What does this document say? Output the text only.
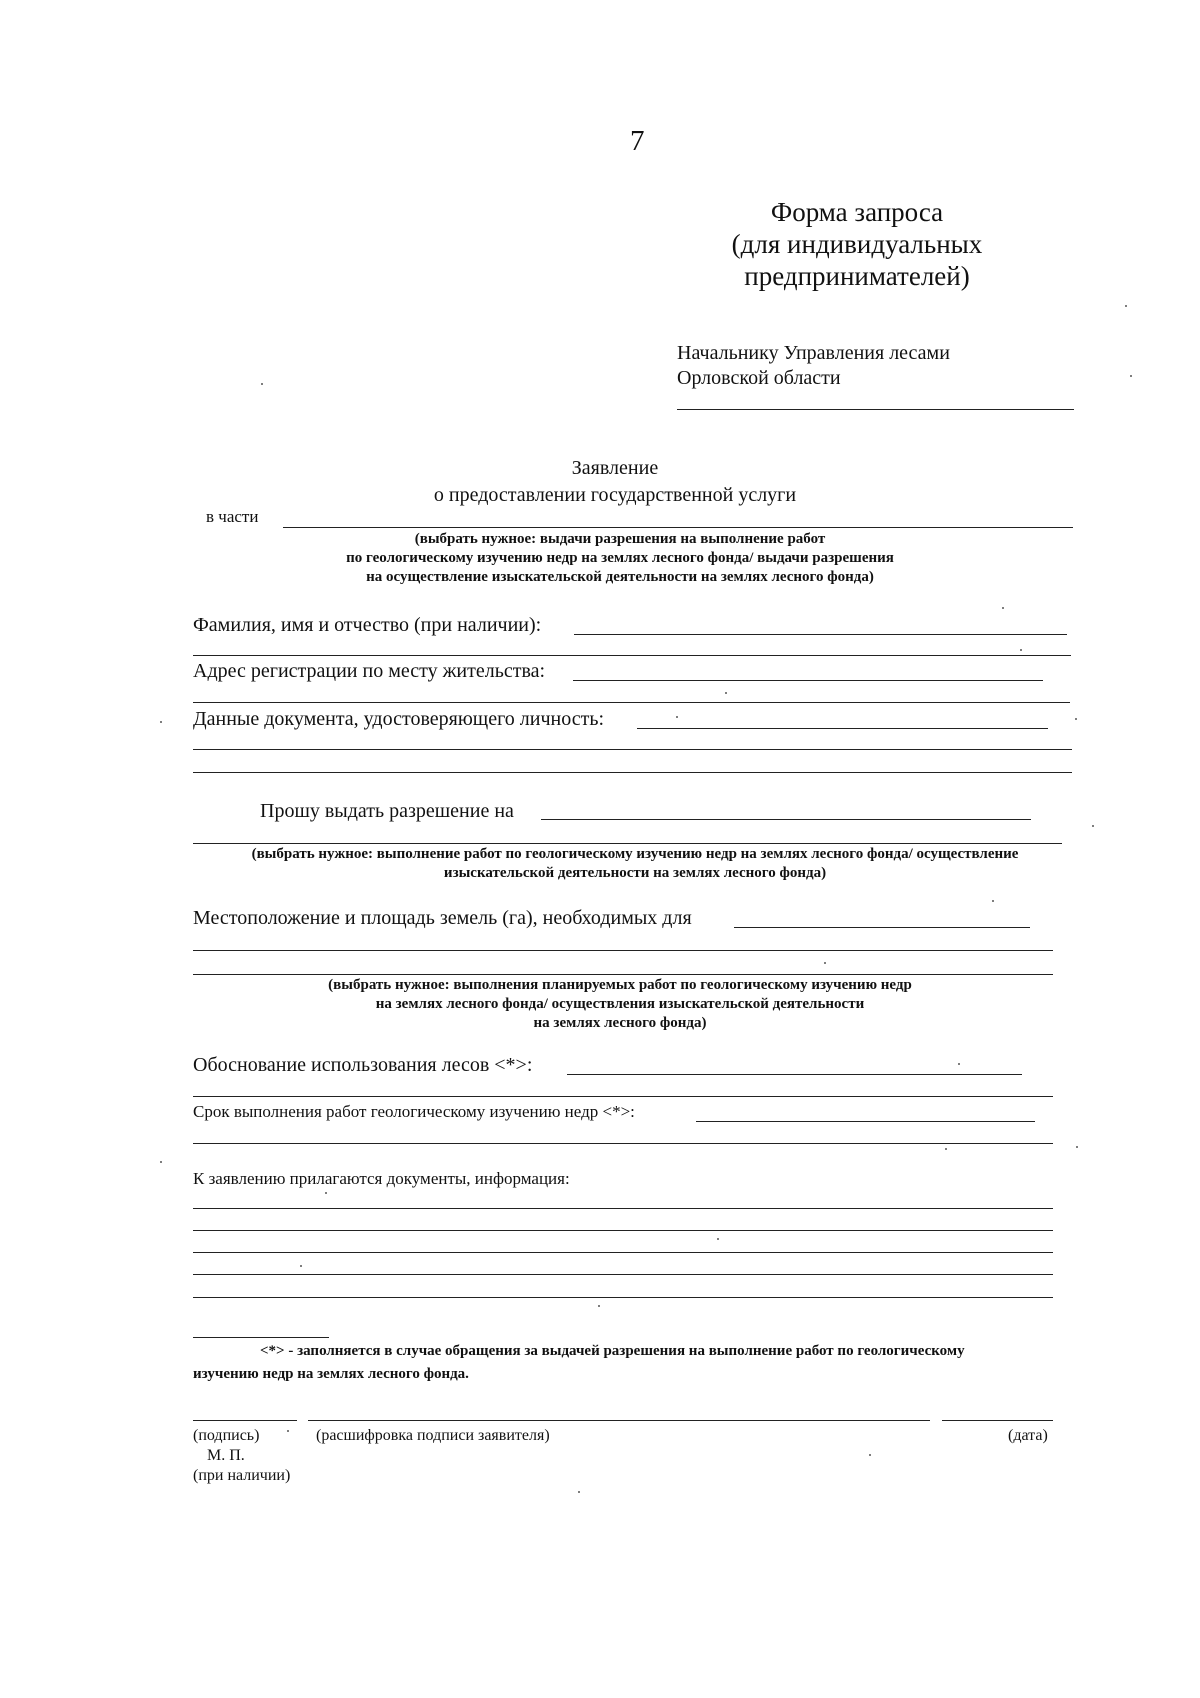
7
Форма запроса
(для индивидуальных
предпринимателей)
Начальнику Управления лесами
Орловской области
Заявление
о предоставлении государственной услуги
в части
(выбрать нужное: выдачи разрешения на выполнение работ
по геологическому изучению недр на землях лесного фонда/ выдачи разрешения
на осуществление изыскательской деятельности на землях лесного фонда)
Фамилия, имя и отчество (при наличии):
Адрес регистрации по месту жительства:
Данные документа, удостоверяющего личность:
Прошу выдать разрешение на
(выбрать нужное: выполнение работ по геологическому изучению недр на землях лесного фонда/ осуществление
изыскательской деятельности на землях лесного фонда)
Местоположение и площадь земель (га), необходимых для
(выбрать нужное: выполнения планируемых работ по геологическому изучению недр
на землях лесного фонда/ осуществления изыскательской деятельности
на землях лесного фонда)
Обоснование использования лесов <*>:
Срок выполнения работ геологическому изучению недр <*>:
К заявлению прилагаются документы, информация:
<*> - заполняется в случае обращения за выдачей разрешения на выполнение работ по геологическому
изучению недр на землях лесного фонда.
(подпись)
М. П.
(при наличии)
(расшифровка подписи заявителя)	(дата)
